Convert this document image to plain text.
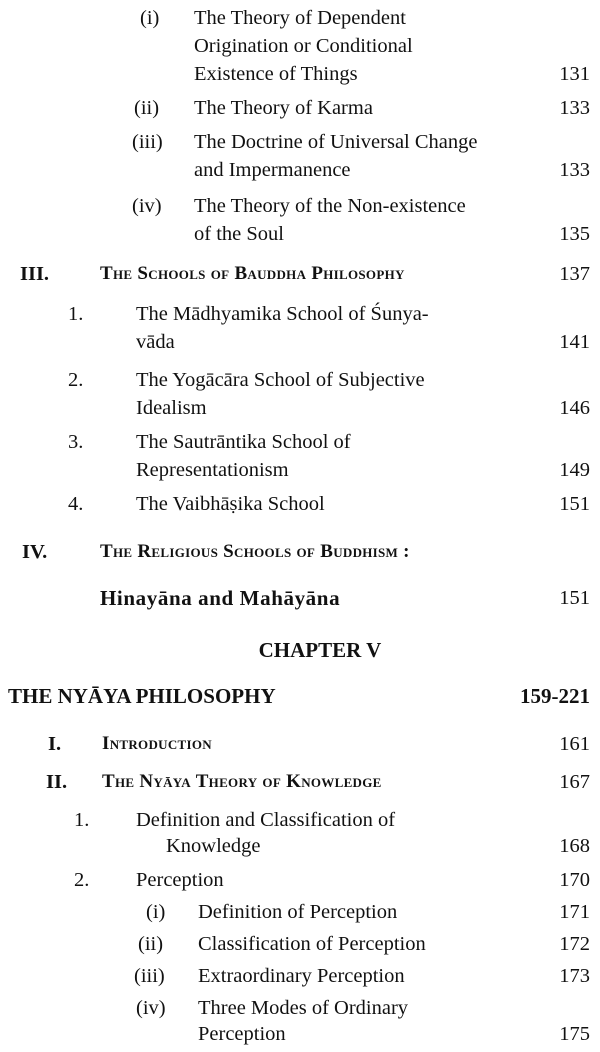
(i) The Theory of Dependent
Origination or Conditional
Existence of Things	131
(ii) The Theory of Karma	133
(iii) The Doctrine of Universal Change
and Impermanence	133
(iv) The Theory of the Non-existence
of the Soul	135
III.	The Schools of Bauddha Philosophy	137
1.	The Mādhyamika School of Śunya-
vāda	141
2.	The Yogācāra School of Subjective
Idealism	146
3.	The Sautrāntika School of
Representationism	149
4.	The Vaibhāṣika School	151
IV.	The Religious Schools of Buddhism :
Hinayāna and Mahāyāna	151
CHAPTER V
THE NYĀYA PHILOSOPHY	159-221
I. Introduction	161
II. The Nyāya Theory of Knowledge	167
1. Definition and Classification of
Knowledge	168
2. Perception	170
(i) Definition of Perception	171
(ii) Classification of Perception	172
(iii) Extraordinary Perception	173
(iv) Three Modes of Ordinary
Perception	175
